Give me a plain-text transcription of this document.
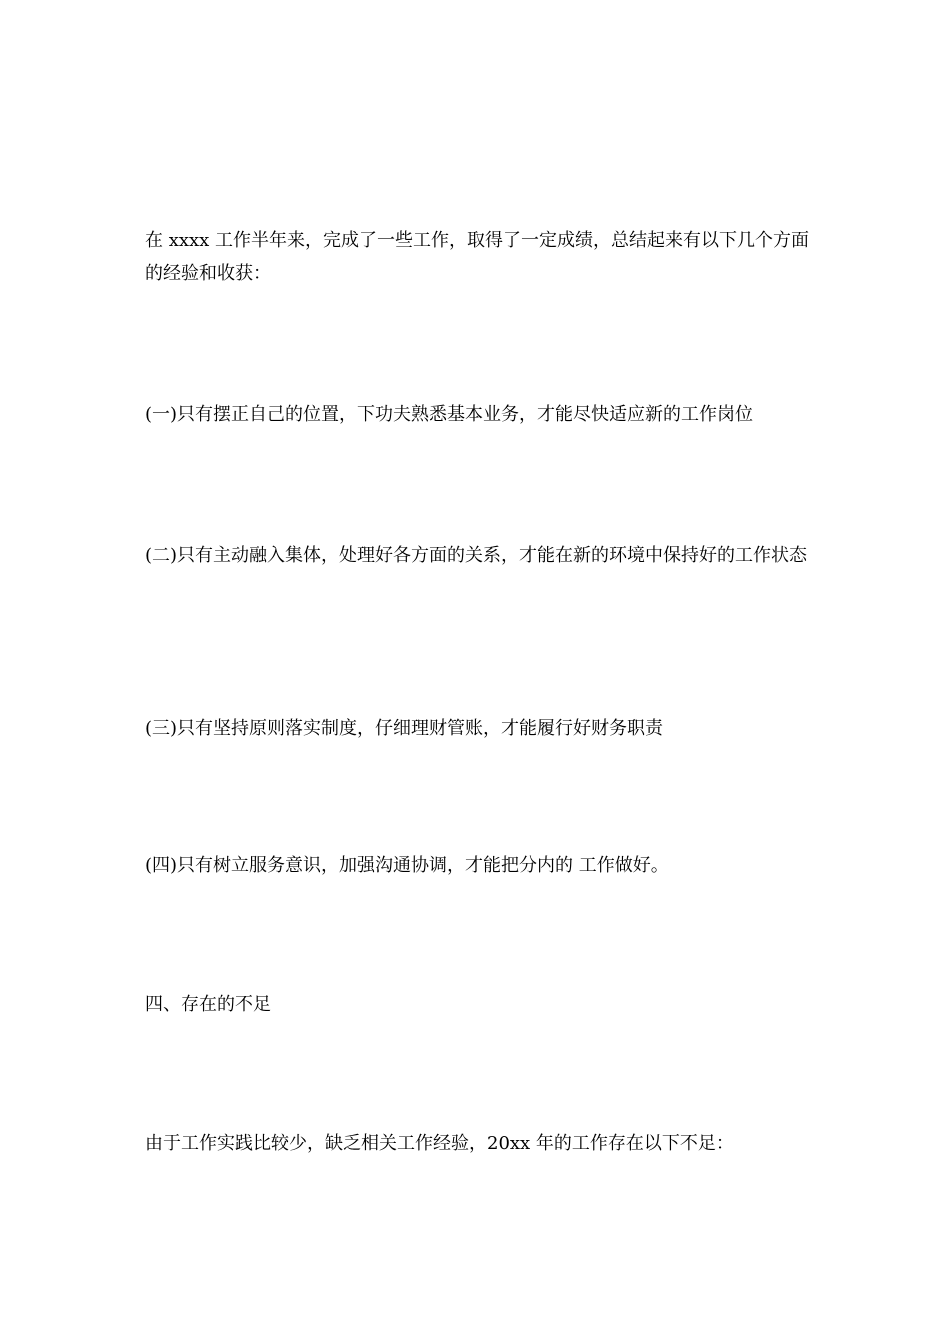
在 xxxx 工作半年来，完成了一些工作，取得了一定成绩，总结起来有以下几个方面的经验和收获：

(一)只有摆正自己的位置，下功夫熟悉基本业务，才能尽快适应新的工作岗位

(二)只有主动融入集体，处理好各方面的关系，才能在新的环境中保持好的工作状态

(三)只有坚持原则落实制度，仔细理财管账，才能履行好财务职责

(四)只有树立服务意识，加强沟通协调，才能把分内的 工作做好。

四、存在的不足

由于工作实践比较少，缺乏相关工作经验，20xx 年的工作存在以下不足：
